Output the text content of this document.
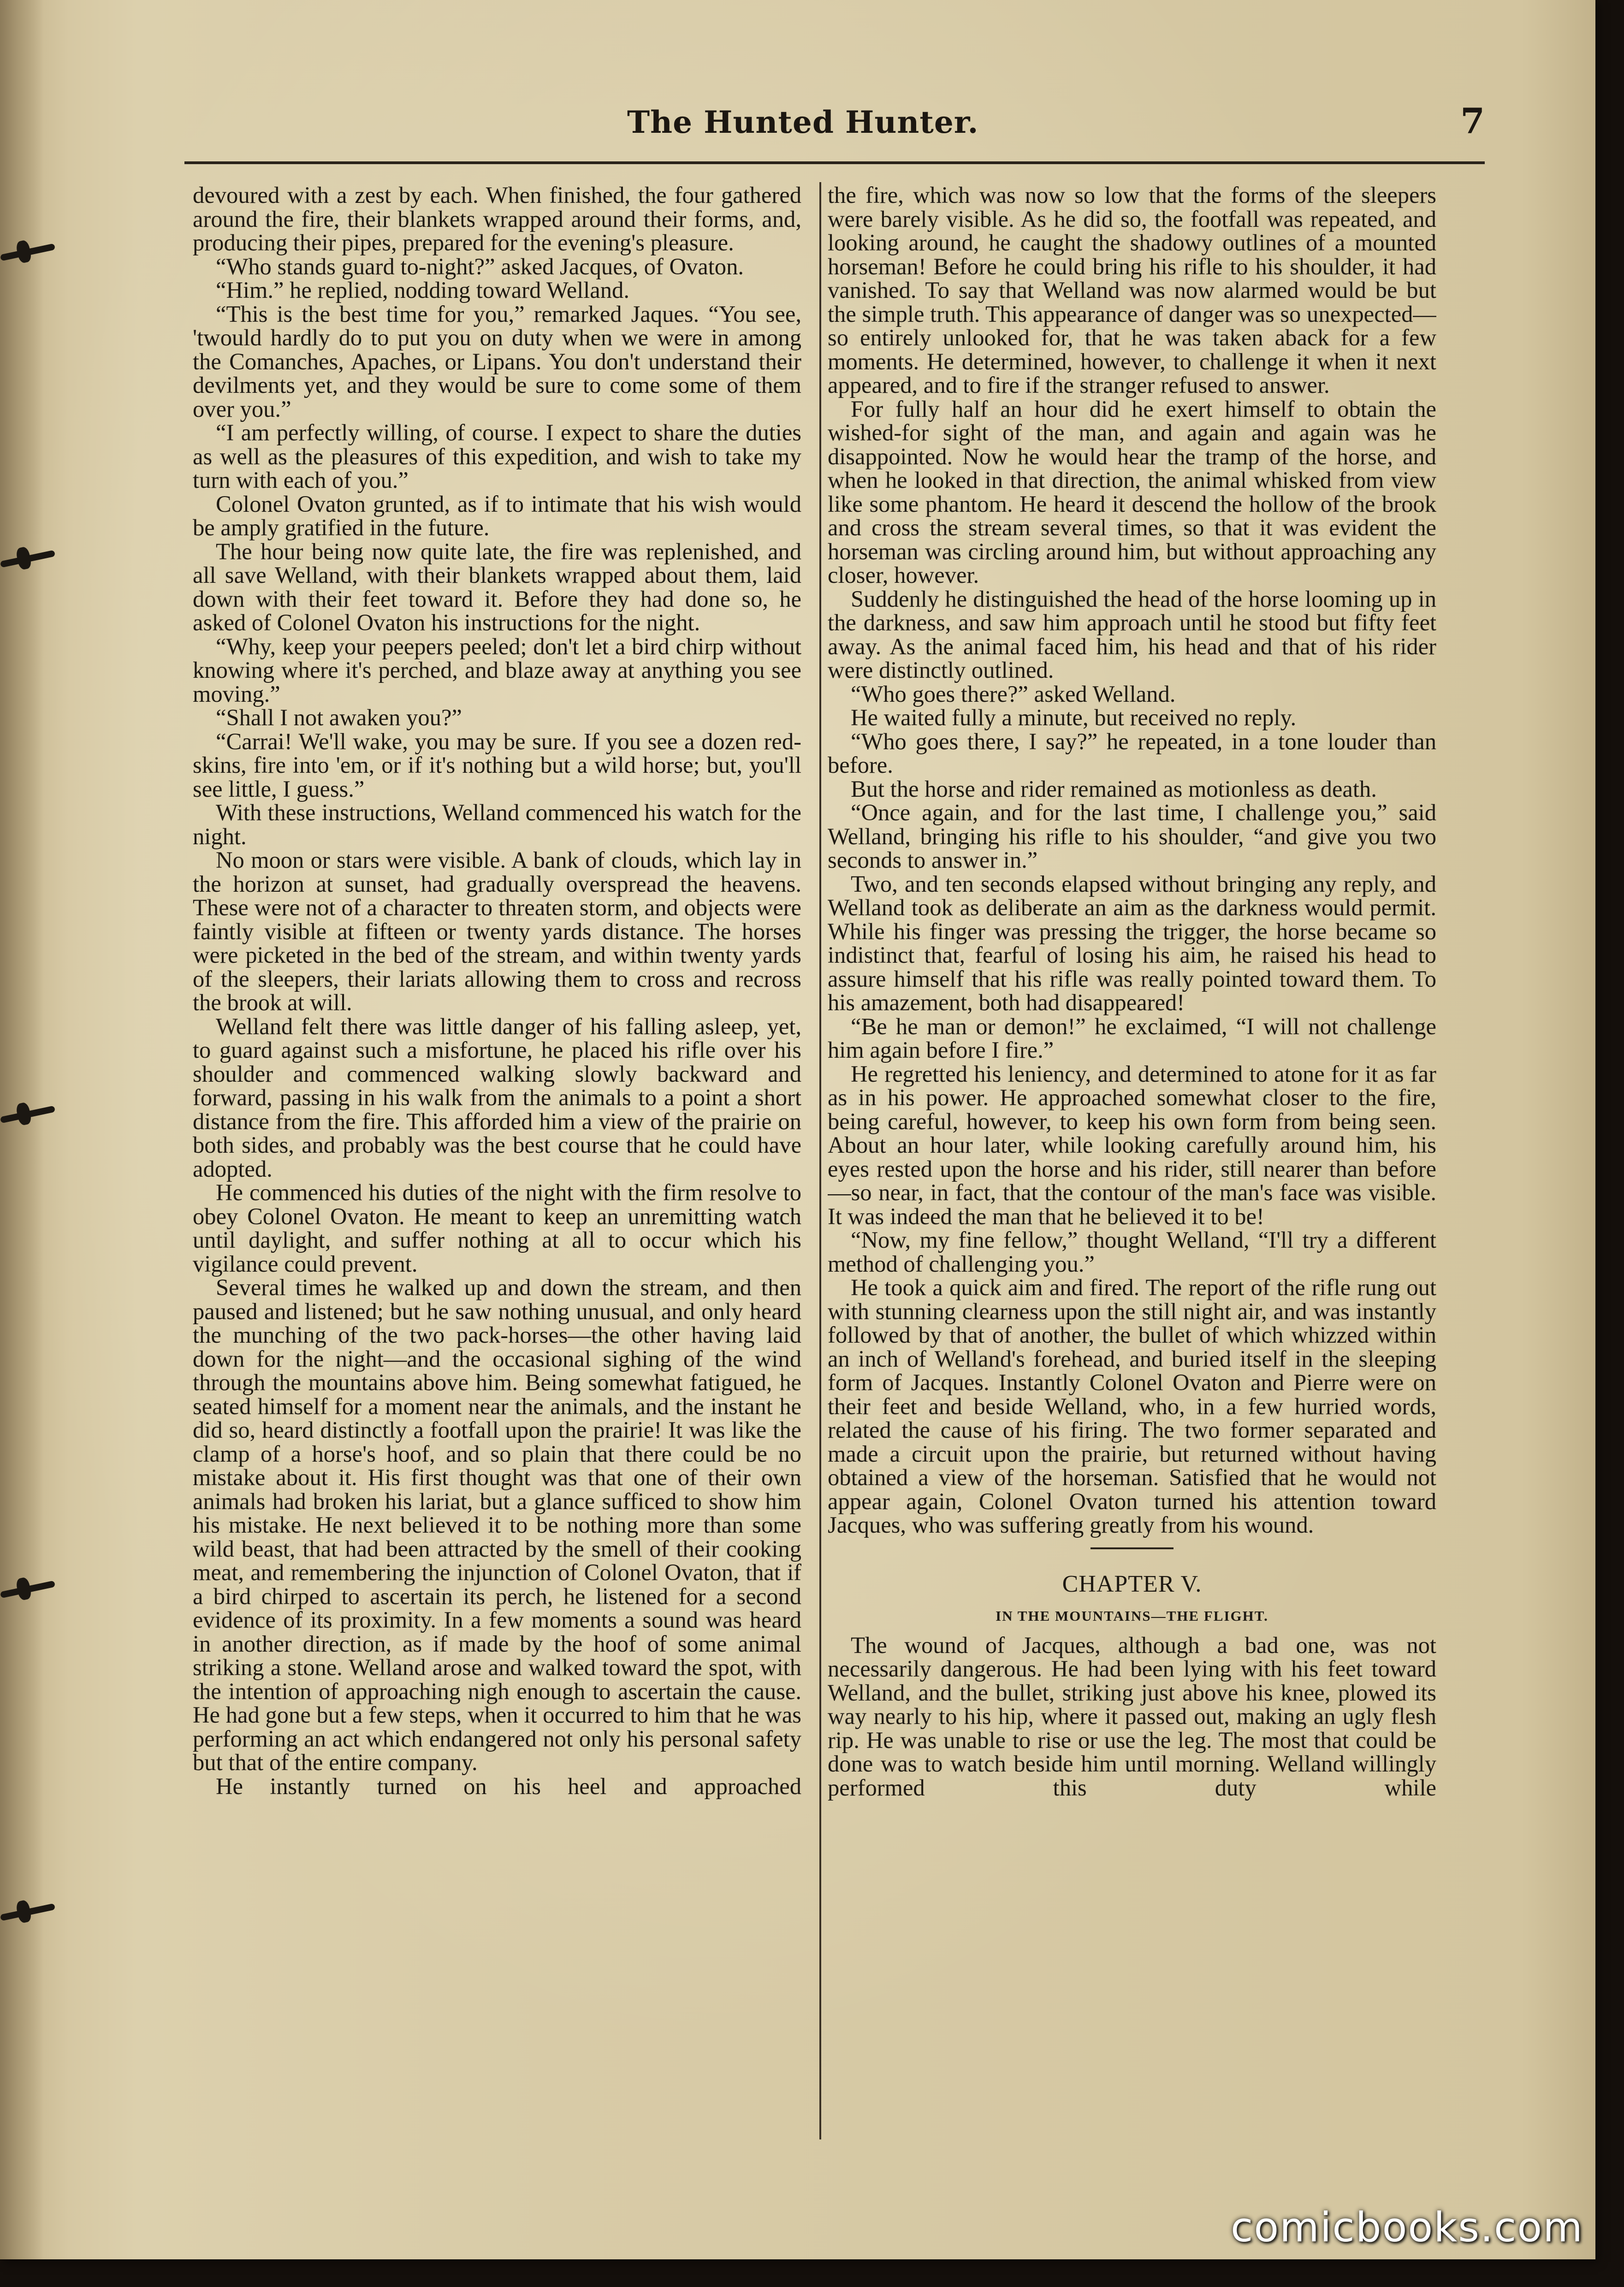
The Hunted Hunter.	7

devoured with a zest by each. When finished, the four gathered around the fire, their blankets wrapped around their forms, and, producing their pipes, prepared for the evening's pleasure.

“Who stands guard to-night?” asked Jacques, of Ovaton.

“Him.” he replied, nodding toward Welland.

“This is the best time for you,” remarked Jaques. “You see, 'twould hardly do to put you on duty when we were in among the Comanches, Apaches, or Lipans. You don't understand their devilments yet, and they would be sure to come some of them over you.”

“I am perfectly willing, of course. I expect to share the duties as well as the pleasures of this expedition, and wish to take my turn with each of you.”

Colonel Ovaton grunted, as if to intimate that his wish would be amply gratified in the future.

The hour being now quite late, the fire was replenished, and all save Welland, with their blankets wrapped about them, laid down with their feet toward it. Before they had done so, he asked of Colonel Ovaton his instructions for the night.

“Why, keep your peepers peeled; don't let a bird chirp without knowing where it's perched, and blaze away at anything you see moving.”

“Shall I not awaken you?”

“Carrai! We'll wake, you may be sure. If you see a dozen red-skins, fire into 'em, or if it's nothing but a wild horse; but, you'll see little, I guess.”

With these instructions, Welland commenced his watch for the night.

No moon or stars were visible. A bank of clouds, which lay in the horizon at sunset, had gradually overspread the heavens. These were not of a character to threaten storm, and objects were faintly visible at fifteen or twenty yards distance. The horses were picketed in the bed of the stream, and within twenty yards of the sleepers, their lariats allowing them to cross and recross the brook at will.

Welland felt there was little danger of his falling asleep, yet, to guard against such a misfortune, he placed his rifle over his shoulder and commenced walking slowly backward and forward, passing in his walk from the animals to a point a short distance from the fire. This afforded him a view of the prairie on both sides, and probably was the best course that he could have adopted.

He commenced his duties of the night with the firm resolve to obey Colonel Ovaton. He meant to keep an unremitting watch until daylight, and suffer nothing at all to occur which his vigilance could prevent.

Several times he walked up and down the stream, and then paused and listened; but he saw nothing unusual, and only heard the munching of the two pack-horses—the other having laid down for the night—and the occasional sighing of the wind through the mountains above him. Being somewhat fatigued, he seated himself for a moment near the animals, and the instant he did so, heard distinctly a footfall upon the prairie! It was like the clamp of a horse's hoof, and so plain that there could be no mistake about it. His first thought was that one of their own animals had broken his lariat, but a glance sufficed to show him his mistake. He next believed it to be nothing more than some wild beast, that had been attracted by the smell of their cooking meat, and remembering the injunction of Colonel Ovaton, that if a bird chirped to ascertain its perch, he listened for a second evidence of its proximity. In a few moments a sound was heard in another direction, as if made by the hoof of some animal striking a stone. Welland arose and walked toward the spot, with the intention of approaching nigh enough to ascertain the cause. He had gone but a few steps, when it occurred to him that he was performing an act which endangered not only his personal safety but that of the entire company.

He instantly turned on his heel and approached

the fire, which was now so low that the forms of the sleepers were barely visible. As he did so, the footfall was repeated, and looking around, he caught the shadowy outlines of a mounted horseman! Before he could bring his rifle to his shoulder, it had vanished. To say that Welland was now alarmed would be but the simple truth. This appearance of danger was so unexpected—so entirely unlooked for, that he was taken aback for a few moments. He determined, however, to challenge it when it next appeared, and to fire if the stranger refused to answer.

For fully half an hour did he exert himself to obtain the wished-for sight of the man, and again and again was he disappointed. Now he would hear the tramp of the horse, and when he looked in that direction, the animal whisked from view like some phantom. He heard it descend the hollow of the brook and cross the stream several times, so that it was evident the horseman was circling around him, but without approaching any closer, however.

Suddenly he distinguished the head of the horse looming up in the darkness, and saw him approach until he stood but fifty feet away. As the animal faced him, his head and that of his rider were distinctly outlined.

“Who goes there?” asked Welland.

He waited fully a minute, but received no reply.

“Who goes there, I say?” he repeated, in a tone louder than before.

But the horse and rider remained as motionless as death.

“Once again, and for the last time, I challenge you,” said Welland, bringing his rifle to his shoulder, “and give you two seconds to answer in.”

Two, and ten seconds elapsed without bringing any reply, and Welland took as deliberate an aim as the darkness would permit. While his finger was pressing the trigger, the horse became so indistinct that, fearful of losing his aim, he raised his head to assure himself that his rifle was really pointed toward them. To his amazement, both had disappeared!

“Be he man or demon!” he exclaimed, “I will not challenge him again before I fire.”

He regretted his leniency, and determined to atone for it as far as in his power. He approached somewhat closer to the fire, being careful, however, to keep his own form from being seen. About an hour later, while looking carefully around him, his eyes rested upon the horse and his rider, still nearer than before—so near, in fact, that the contour of the man's face was visible. It was indeed the man that he believed it to be!

“Now, my fine fellow,” thought Welland, “I'll try a different method of challenging you.”

He took a quick aim and fired. The report of the rifle rung out with stunning clearness upon the still night air, and was instantly followed by that of another, the bullet of which whizzed within an inch of Welland's forehead, and buried itself in the sleeping form of Jacques. Instantly Colonel Ovaton and Pierre were on their feet and beside Welland, who, in a few hurried words, related the cause of his firing. The two former separated and made a circuit upon the prairie, but returned without having obtained a view of the horseman. Satisfied that he would not appear again, Colonel Ovaton turned his attention toward Jacques, who was suffering greatly from his wound.

CHAPTER V.
IN THE MOUNTAINS—THE FLIGHT.

The wound of Jacques, although a bad one, was not necessarily dangerous. He had been lying with his feet toward Welland, and the bullet, striking just above his knee, plowed its way nearly to his hip, where it passed out, making an ugly flesh rip. He was unable to rise or use the leg. The most that could be done was to watch beside him until morning. Welland willingly performed this duty while

comicbooks.com
